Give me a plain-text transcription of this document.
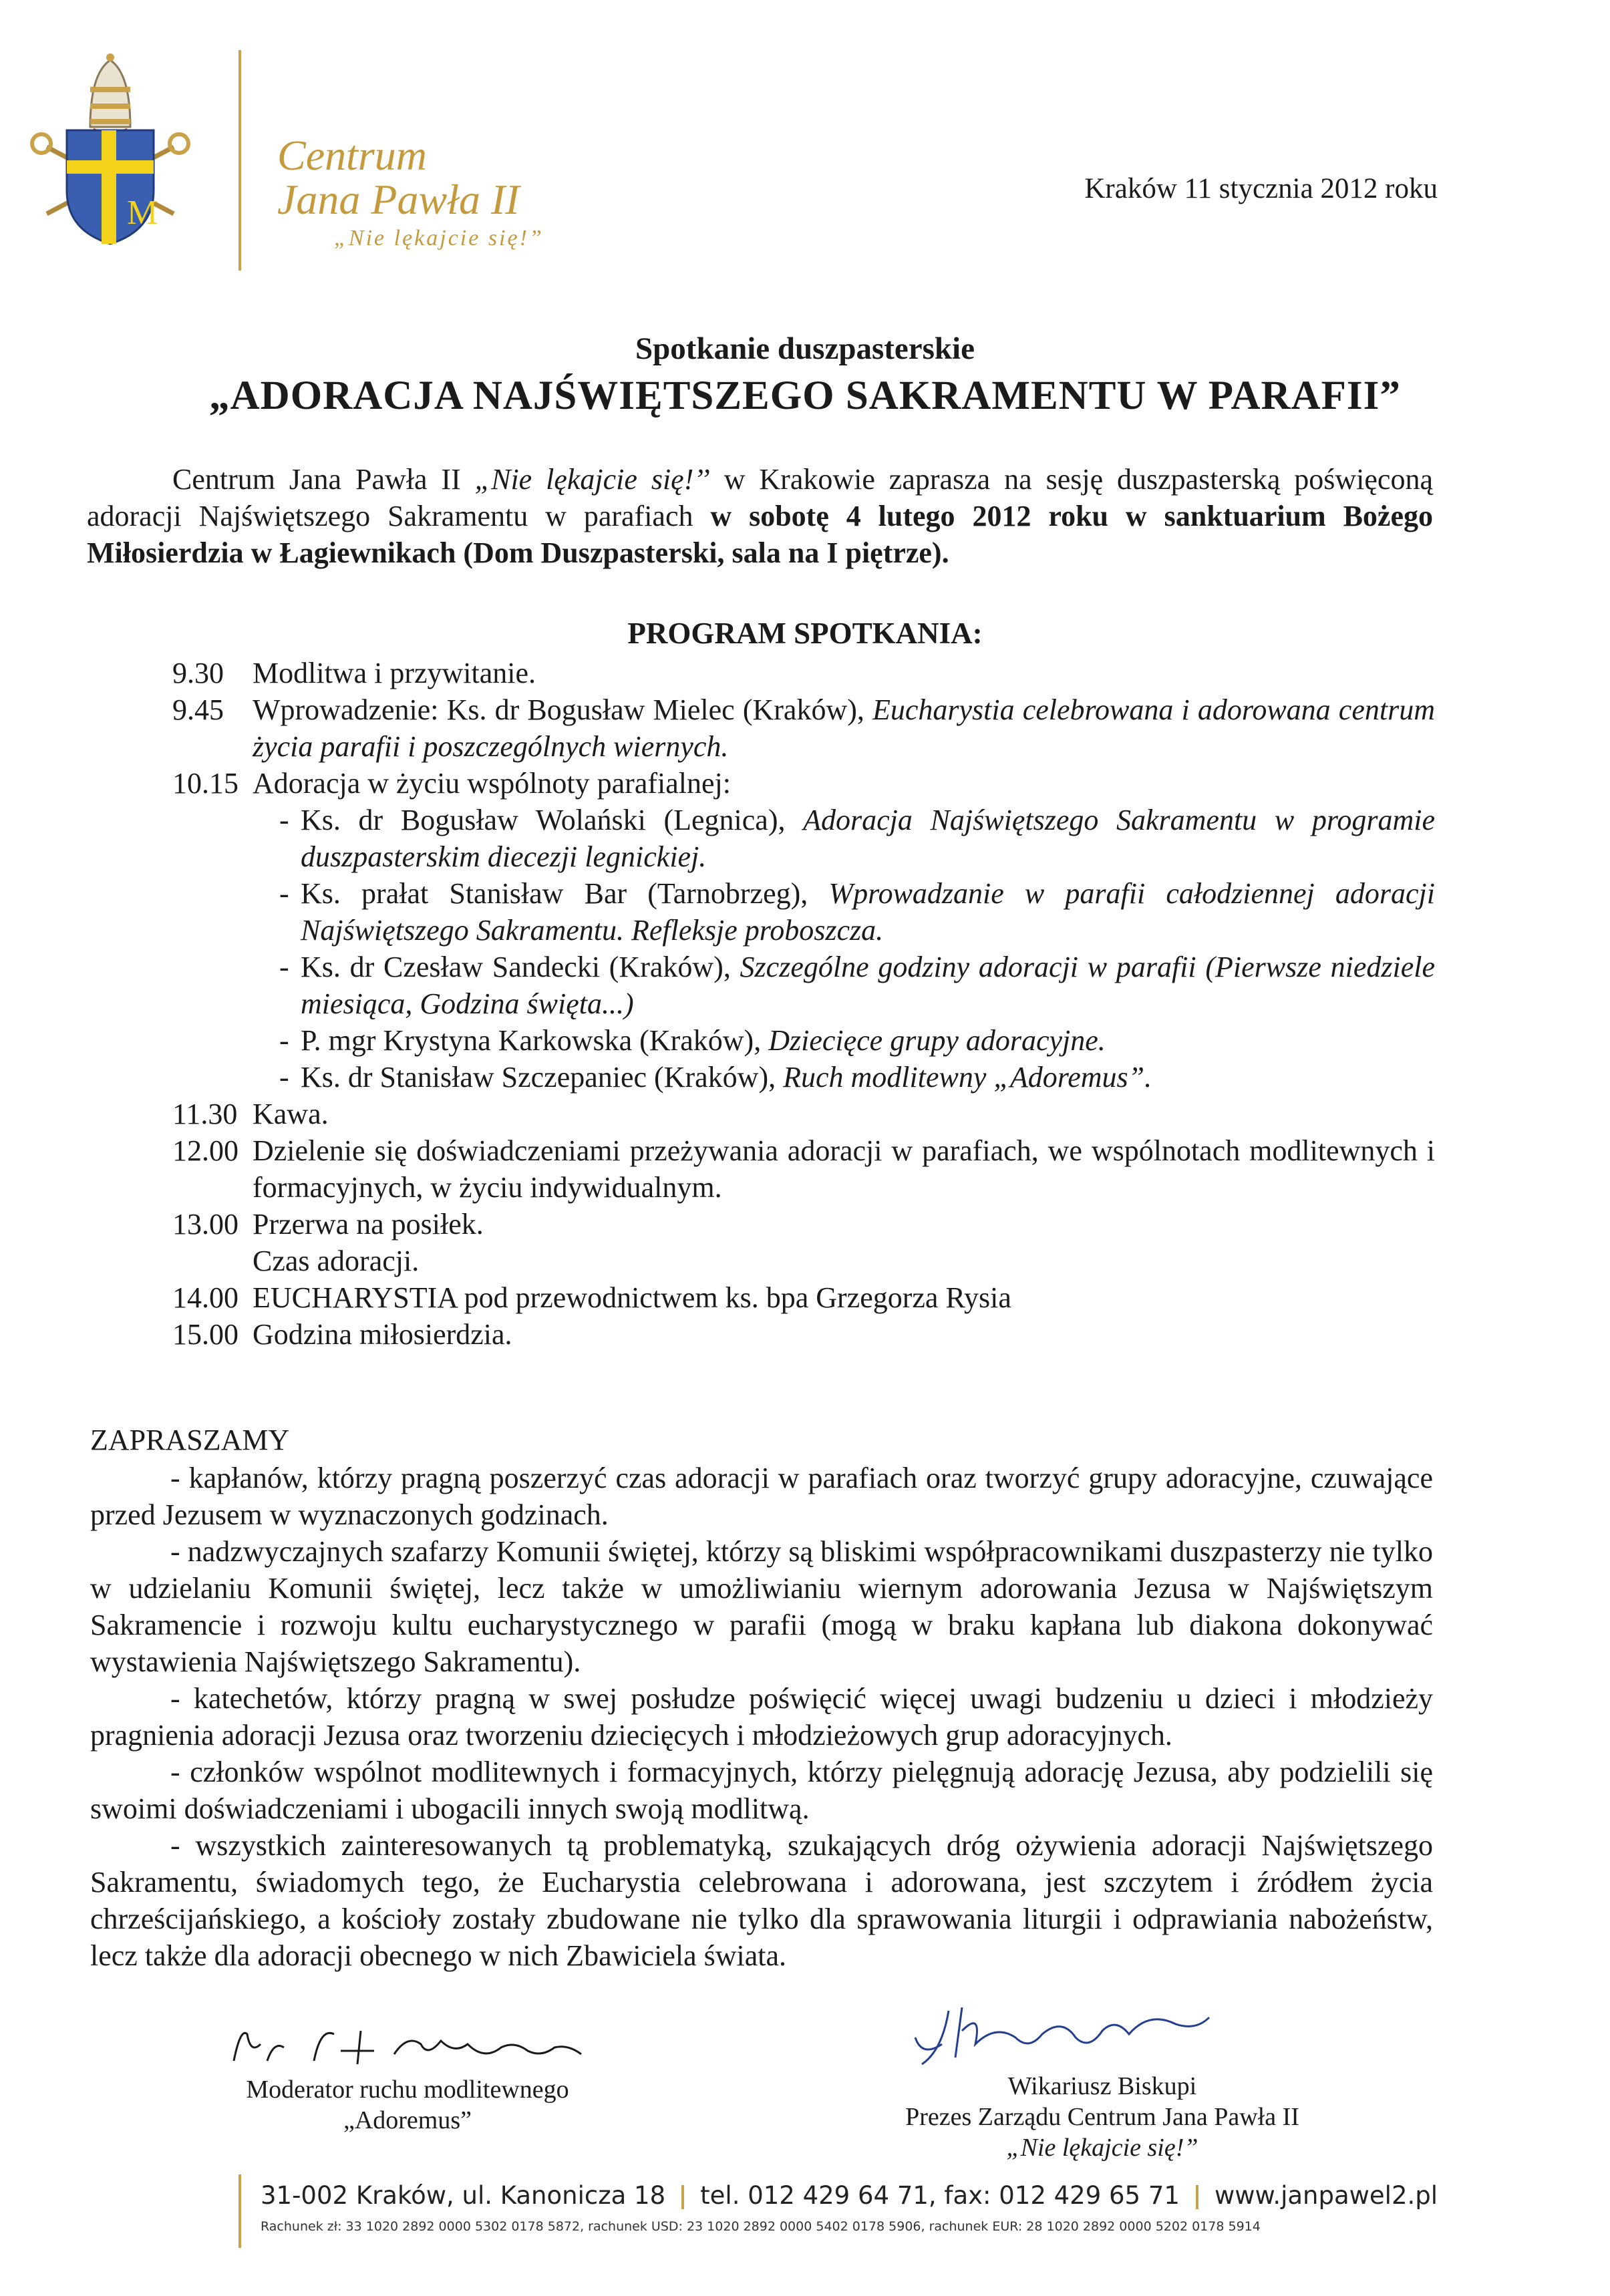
M
Centrum
Jana Pawła II
„Nie lękajcie się!”
Kraków 11 stycznia 2012 roku
Spotkanie duszpasterskie
„ADORACJA NAJŚWIĘTSZEGO SAKRAMENTU W PARAFII”
Centrum Jana Pawła II „Nie lękajcie się!’’ w Krakowie zaprasza na sesję duszpasterską poświęconą adoracji Najświętszego Sakramentu w parafiach w sobotę 4 lutego 2012 roku w sanktuarium Bożego Miłosierdzia w Łagiewnikach (Dom Duszpasterski, sala na I piętrze).
PROGRAM SPOTKANIA:
9.30 Modlitwa i przywitanie.
9.45 Wprowadzenie: Ks. dr Bogusław Mielec (Kraków), Eucharystia celebrowana i adorowana centrum życia parafii i poszczególnych wiernych.
10.15 Adoracja w życiu wspólnoty parafialnej:
- Ks. dr Bogusław Wolański (Legnica), Adoracja Najświętszego Sakramentu w programie duszpasterskim diecezji legnickiej.
- Ks. prałat Stanisław Bar (Tarnobrzeg), Wprowadzanie w parafii całodziennej adoracji Najświętszego Sakramentu. Refleksje proboszcza.
- Ks. dr Czesław Sandecki (Kraków), Szczególne godziny adoracji w parafii (Pierwsze niedziele miesiąca, Godzina święta...)
- P. mgr Krystyna Karkowska (Kraków), Dziecięce grupy adoracyjne.
- Ks. dr Stanisław Szczepaniec (Kraków), Ruch modlitewny „Adoremus”.
11.30 Kawa.
12.00 Dzielenie się doświadczeniami przeżywania adoracji w parafiach, we wspólnotach modlitewnych i formacyjnych, w życiu indywidualnym.
13.00 Przerwa na posiłek.
Czas adoracji.
14.00 EUCHARYSTIA pod przewodnictwem ks. bpa Grzegorza Rysia
15.00 Godzina miłosierdzia.
ZAPRASZAMY

- kapłanów, którzy pragną poszerzyć czas adoracji w parafiach oraz tworzyć grupy adoracyjne, czuwające przed Jezusem w wyznaczonych godzinach.

- nadzwyczajnych szafarzy Komunii świętej, którzy są bliskimi współpracownikami duszpasterzy nie tylko w udzielaniu Komunii świętej, lecz także w umożliwianiu wiernym adorowania Jezusa w Najświętszym Sakramencie i rozwoju kultu eucharystycznego w parafii (mogą w braku kapłana lub diakona dokonywać wystawienia Najświętszego Sakramentu).

- katechetów, którzy pragną w swej posłudze poświęcić więcej uwagi budzeniu u dzieci i młodzieży pragnienia adoracji Jezusa oraz tworzeniu dziecięcych i młodzieżowych grup adoracyjnych.

- członków wspólnot modlitewnych i formacyjnych, którzy pielęgnują adorację Jezusa, aby podzielili się swoimi doświadczeniami i ubogacili innych swoją modlitwą.

- wszystkich zainteresowanych tą problematyką, szukających dróg ożywienia adoracji Najświętszego Sakramentu, świadomych tego, że Eucharystia celebrowana i adorowana, jest szczytem i źródłem życia chrześcijańskiego, a kościoły zostały zbudowane nie tylko dla sprawowania liturgii i odprawiania nabożeństw, lecz także dla adoracji obecnego w nich Zbawiciela świata.

Moderator ruchu modlitewnego
„Adoremus”
Wikariusz Biskupi
Prezes Zarządu Centrum Jana Pawła II
„Nie lękajcie się!”
31-002 Kraków, ul. Kanonicza 18 tel. 012 429 64 71, fax: 012 429 65 71 www.janpawel2.pl
Rachunek zł: 33 1020 2892 0000 5302 0178 5872, rachunek USD: 23 1020 2892 0000 5402 0178 5906, rachunek EUR: 28 1020 2892 0000 5202 0178 5914
